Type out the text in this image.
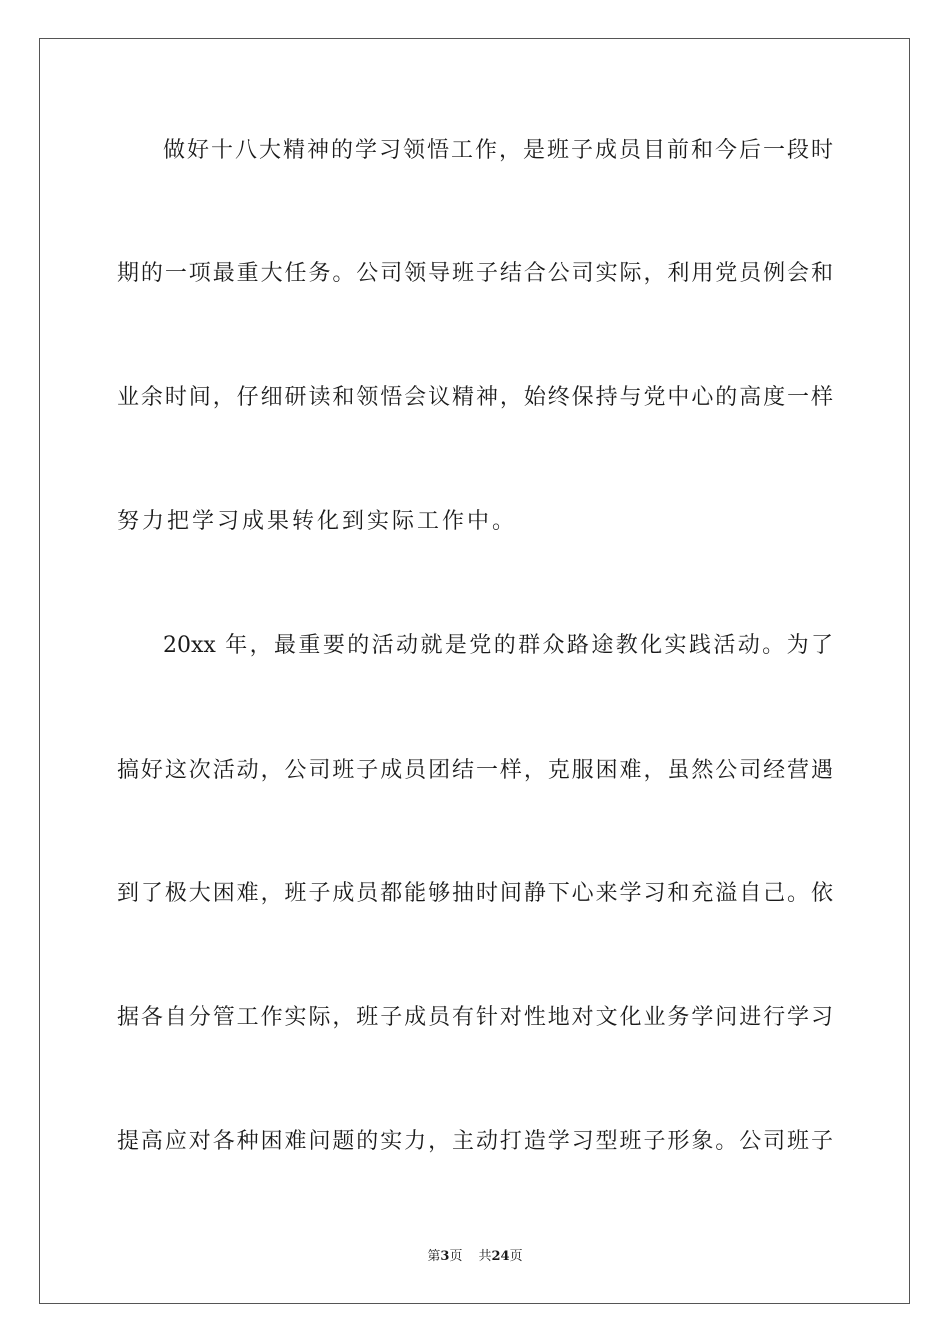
做好十八大精神的学习领悟工作，是班子成员目前和今后一段时
期的一项最重大任务。公司领导班子结合公司实际，利用党员例会和
业余时间，仔细研读和领悟会议精神，始终保持与党中心的高度一样
努力把学习成果转化到实际工作中。
20xx 年，最重要的活动就是党的群众路途教化实践活动。为了
搞好这次活动，公司班子成员团结一样，克服困难，虽然公司经营遇
到了极大困难，班子成员都能够抽时间静下心来学习和充溢自己。依
据各自分管工作实际，班子成员有针对性地对文化业务学问进行学习
提高应对各种困难问题的实力，主动打造学习型班子形象。公司班子
第3页 共24页
